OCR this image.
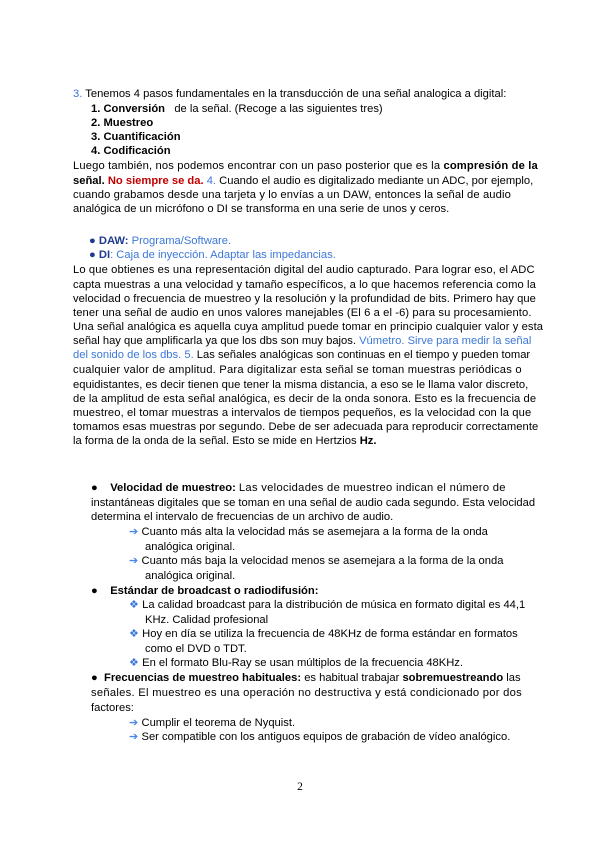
3. Tenemos 4 pasos fundamentales en la transducción de una señal analogica a digital:
1. Conversión de la señal. (Recoge a las siguientes tres)
2. Muestreo
3. Cuantificación
4. Codificación
Luego también, nos podemos encontrar con un paso posterior que es la compresión de la
señal. No siempre se da. 4. Cuando el audio es digitalizado mediante un ADC, por ejemplo,
cuando grabamos desde una tarjeta y lo envías a un DAW, entonces la señal de audio
analógica de un micrófono o DI se transforma en una serie de unos y ceros.
● DAW: Programa/Software.
● DI: Caja de inyección. Adaptar las impedancias.
Lo que obtienes es una representación digital del audio capturado. Para lograr eso, el ADC
capta muestras a una velocidad y tamaño específicos, a lo que hacemos referencia como la
velocidad o frecuencia de muestreo y la resolución y la profundidad de bits. Primero hay que
tener una señal de audio en unos valores manejables (El 6 a el -6) para su procesamiento.
Una señal analógica es aquella cuya amplitud puede tomar en principio cualquier valor y esta
señal hay que amplificarla ya que los dbs son muy bajos. Vúmetro. Sirve para medir la señal
del sonido de los dbs. 5. Las señales analógicas son continuas en el tiempo y pueden tomar
cualquier valor de amplitud. Para digitalizar esta señal se toman muestras periódicas o
equidistantes, es decir tienen que tener la misma distancia, a eso se le llama valor discreto,
de la amplitud de esta señal analógica, es decir de la onda sonora. Esto es la frecuencia de
muestreo, el tomar muestras a intervalos de tiempos pequeños, es la velocidad con la que
tomamos esas muestras por segundo. Debe de ser adecuada para reproducir correctamente
la forma de la onda de la señal. Esto se mide en Hertzios Hz.
● Velocidad de muestreo: Las velocidades de muestreo indican el número de
instantáneas digitales que se toman en una señal de audio cada segundo. Esta velocidad
determina el intervalo de frecuencias de un archivo de audio.
➔ Cuanto más alta la velocidad más se asemejara a la forma de la onda
analógica original.
➔ Cuanto más baja la velocidad menos se asemejara a la forma de la onda
analógica original.
● Estándar de broadcast o radiodifusión:
❖ La calidad broadcast para la distribución de música en formato digital es 44,1
KHz. Calidad profesional
❖ Hoy en día se utiliza la frecuencia de 48KHz de forma estándar en formatos
como el DVD o TDT.
❖ En el formato Blu-Ray se usan múltiplos de la frecuencia 48KHz.
● Frecuencias de muestreo habituales: es habitual trabajar sobremuestreando las
señales. El muestreo es una operación no destructiva y está condicionado por dos
factores:
➔ Cumplir el teorema de Nyquist.
➔ Ser compatible con los antiguos equipos de grabación de vídeo analógico.
2
